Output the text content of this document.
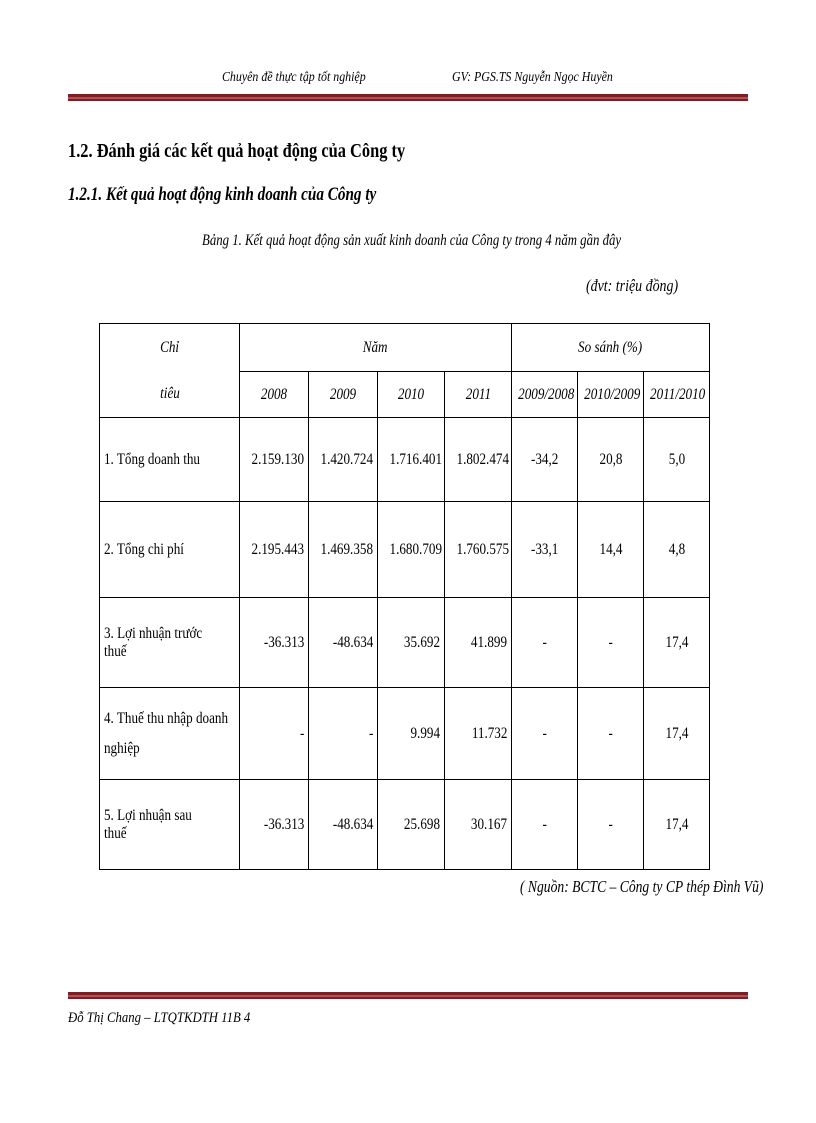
Chuyên đề thực tập tốt nghiệp	GV: PGS.TS Nguyễn Ngọc Huyền
1.2. Đánh giá các kết quả hoạt động của Công ty
1.2.1. Kết quả hoạt động kinh doanh của Công ty
Bảng 1. Kết quả hoạt động sản xuất kinh doanh của Công ty trong 4 năm gần đây
(đvt: triệu đồng)
Chỉ	Năm				So sánh (%)		
tiêu	2008	2009	2010	2011	2009/2008	2010/2009	2011/2010
1. Tổng doanh thu	2.159.130	1.420.724	1.716.401	1.802.474	-34,2	20,8	5,0
2. Tổng chi phí	2.195.443	1.469.358	1.680.709	1.760.575	-33,1	14,4	4,8
3. Lợi nhuận trước thuế	-36.313	-48.634	35.692	41.899	-	-	17,4
4. Thuế thu nhập doanh nghiệp	-	-	9.994	11.732	-	-	17,4
5. Lợi nhuận sau thuế	-36.313	-48.634	25.698	30.167	-	-	17,4
( Nguồn: BCTC – Công ty CP thép Đình Vũ)
Đỗ Thị Chang – LTQTKDTH 11B 4
